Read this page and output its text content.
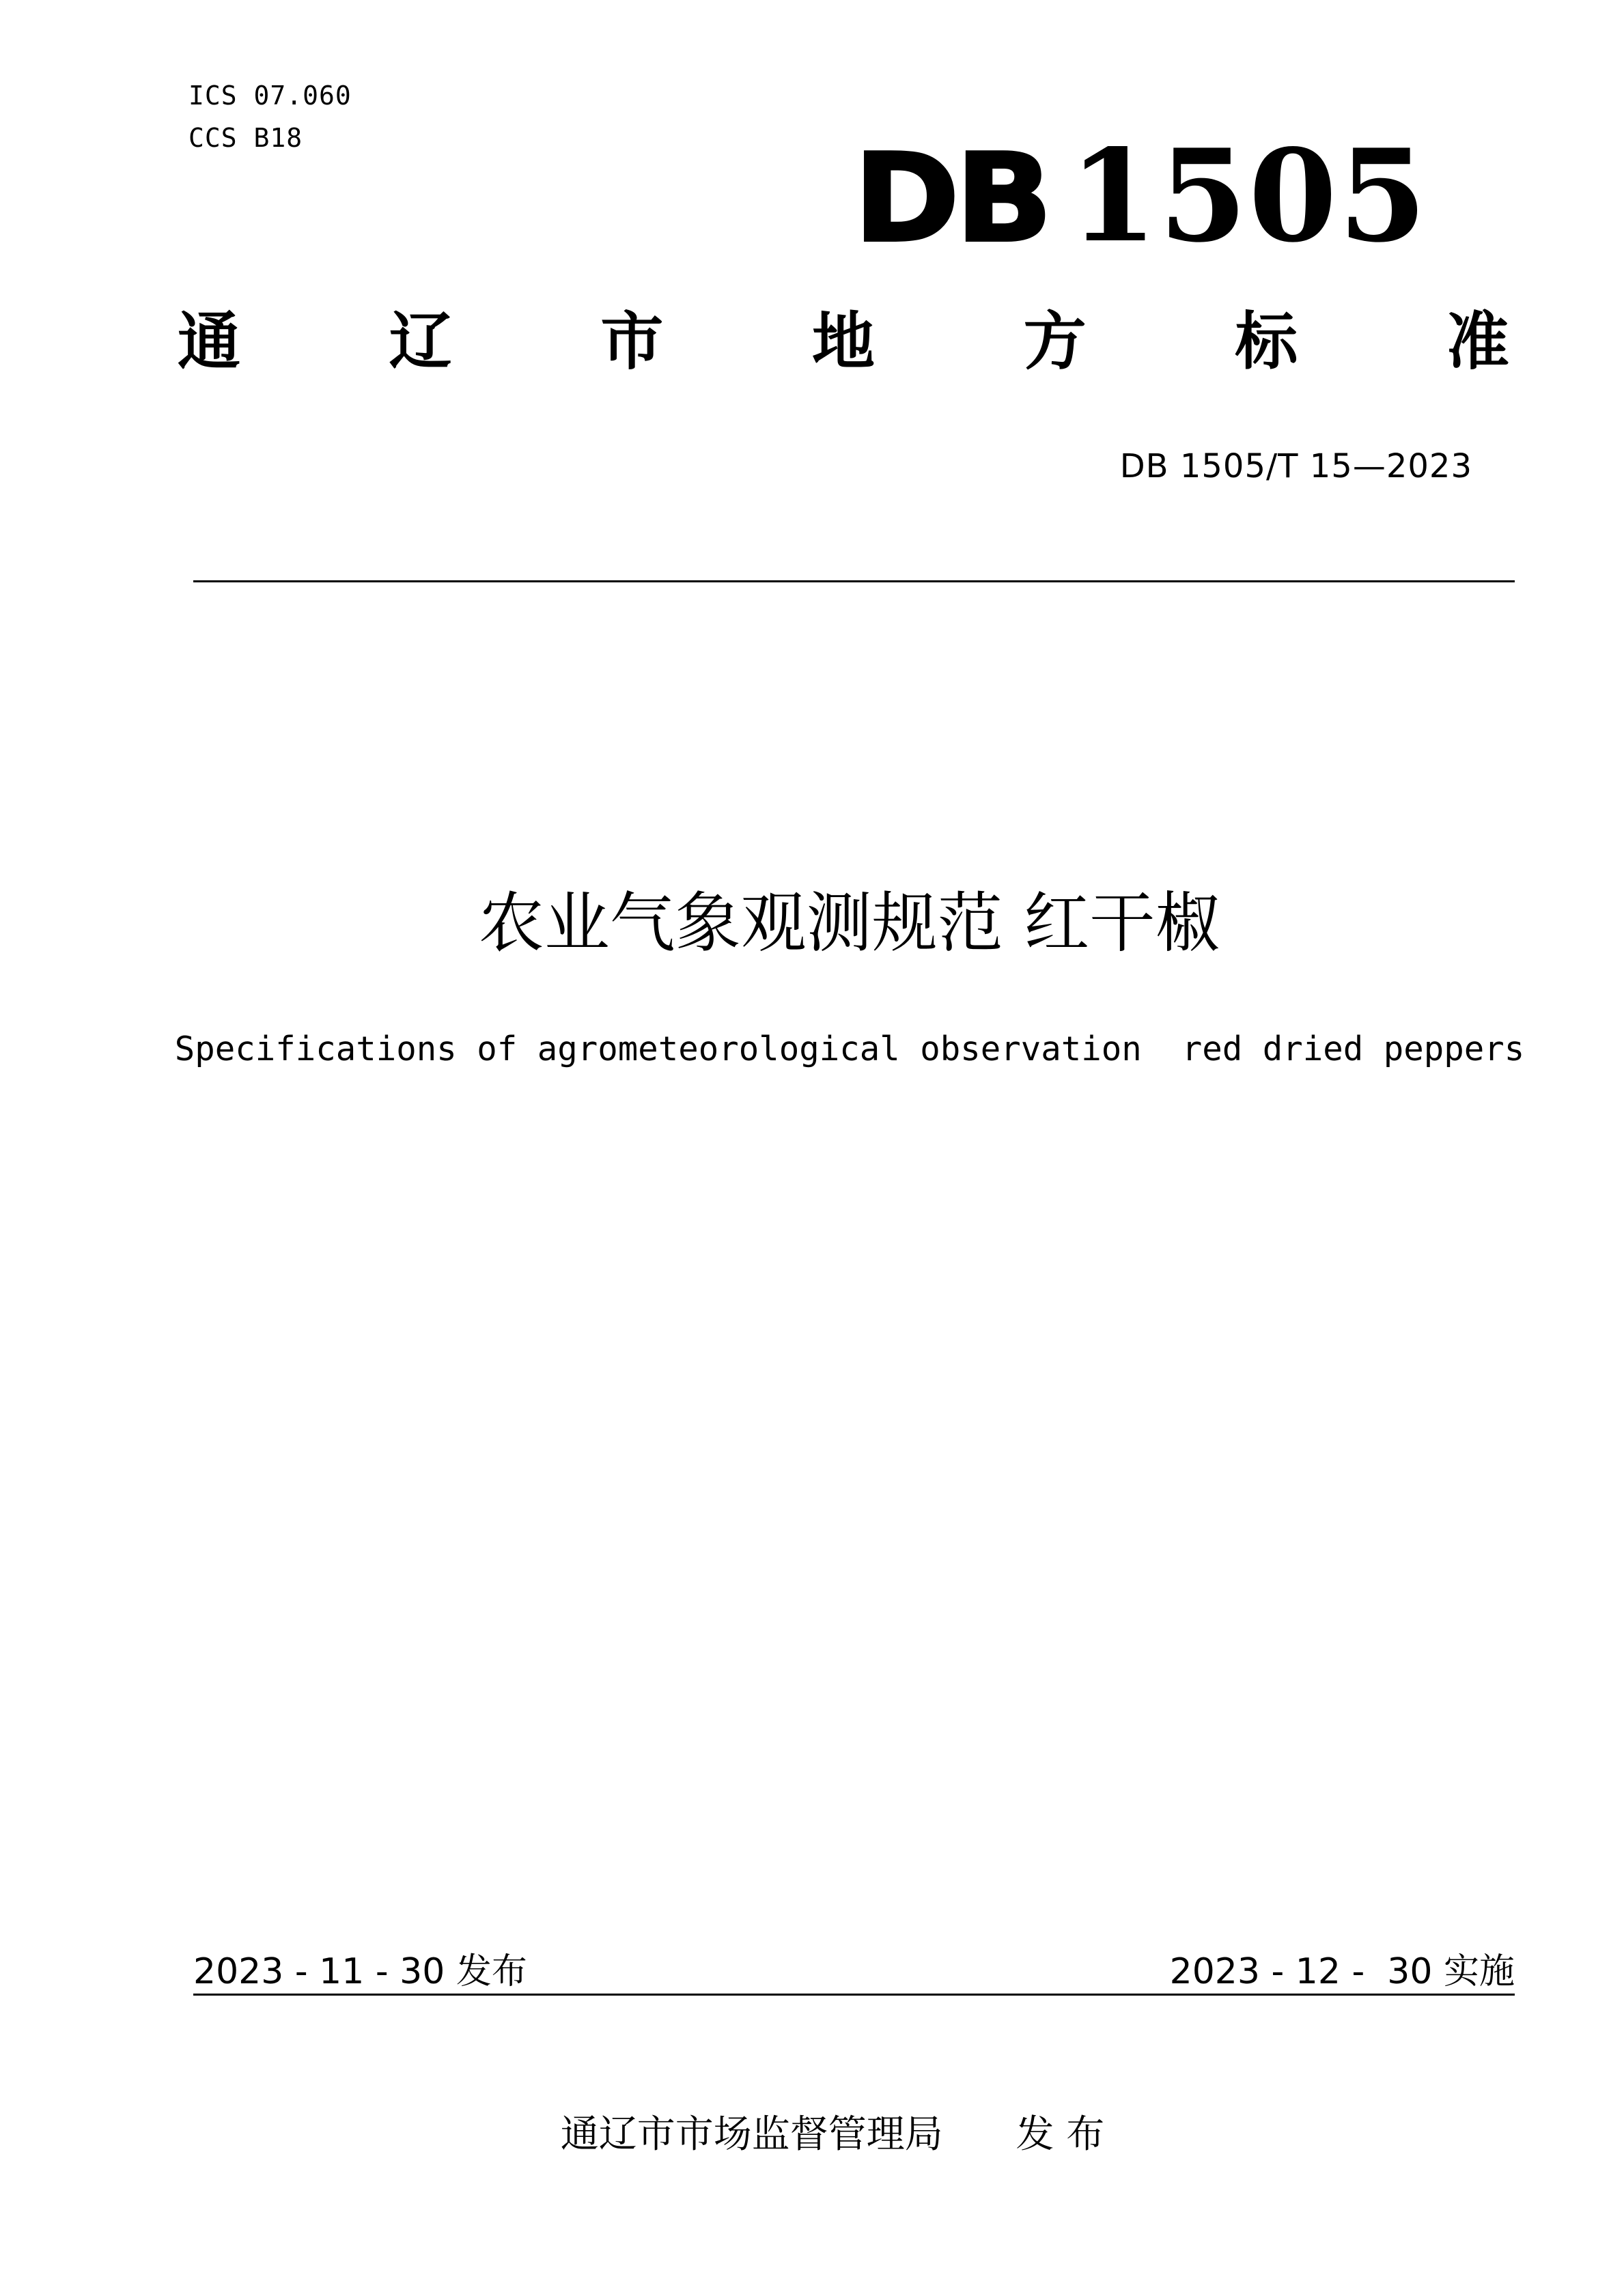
ICS 07.060
CCS B18	DB 1505
通 辽 市 地 方 标 准
DB 1505/T 15—2023
农业气象观测规范 红干椒
Specifications of agrometeorological observation  red dried peppers
2023 - 11 - 30 发布	2023 - 12 -  30 实施
通辽市市场监督管理局      发 布
